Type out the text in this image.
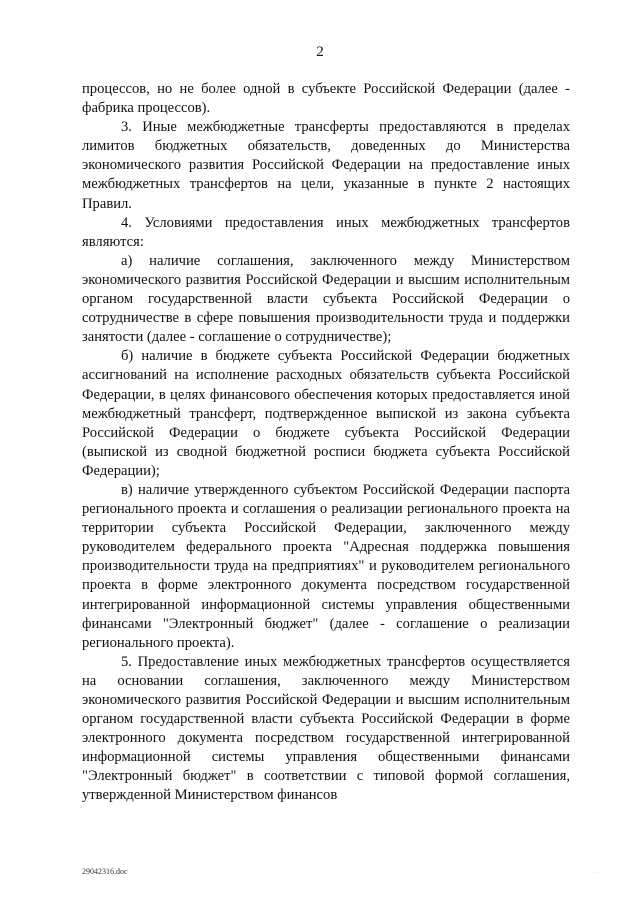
2

процессов, но не более одной в субъекте Российской Федерации (далее - фабрика процессов).

3. Иные межбюджетные трансферты предоставляются в пределах лимитов бюджетных обязательств, доведенных до Министерства экономического развития Российской Федерации на предоставление иных межбюджетных трансфертов на цели, указанные в пункте 2 настоящих Правил.

4. Условиями предоставления иных межбюджетных трансфертов являются:

а) наличие соглашения, заключенного между Министерством экономического развития Российской Федерации и высшим исполнительным органом государственной власти субъекта Российской Федерации о сотрудничестве в сфере повышения производительности труда и поддержки занятости (далее - соглашение о сотрудничестве);

б) наличие в бюджете субъекта Российской Федерации бюджетных ассигнований на исполнение расходных обязательств субъекта Российской Федерации, в целях финансового обеспечения которых предоставляется иной межбюджетный трансферт, подтвержденное выпиской из закона субъекта Российской Федерации о бюджете субъекта Российской Федерации (выпиской из сводной бюджетной росписи бюджета субъекта Российской Федерации);

в) наличие утвержденного субъектом Российской Федерации паспорта регионального проекта и соглашения о реализации регионального проекта на территории субъекта Российской Федерации, заключенного между руководителем федерального проекта "Адресная поддержка повышения производительности труда на предприятиях" и руководителем регионального проекта в форме электронного документа посредством государственной интегрированной информационной системы управления общественными финансами "Электронный бюджет" (далее - соглашение о реализации регионального проекта).

5. Предоставление иных межбюджетных трансфертов осуществляется на основании соглашения, заключенного между Министерством экономического развития Российской Федерации и высшим исполнительным органом государственной власти субъекта Российской Федерации в форме электронного документа посредством государственной интегрированной информационной системы управления общественными финансами "Электронный бюджет" в соответствии с типовой формой соглашения, утвержденной Министерством финансов

29042316.doc	· ·
